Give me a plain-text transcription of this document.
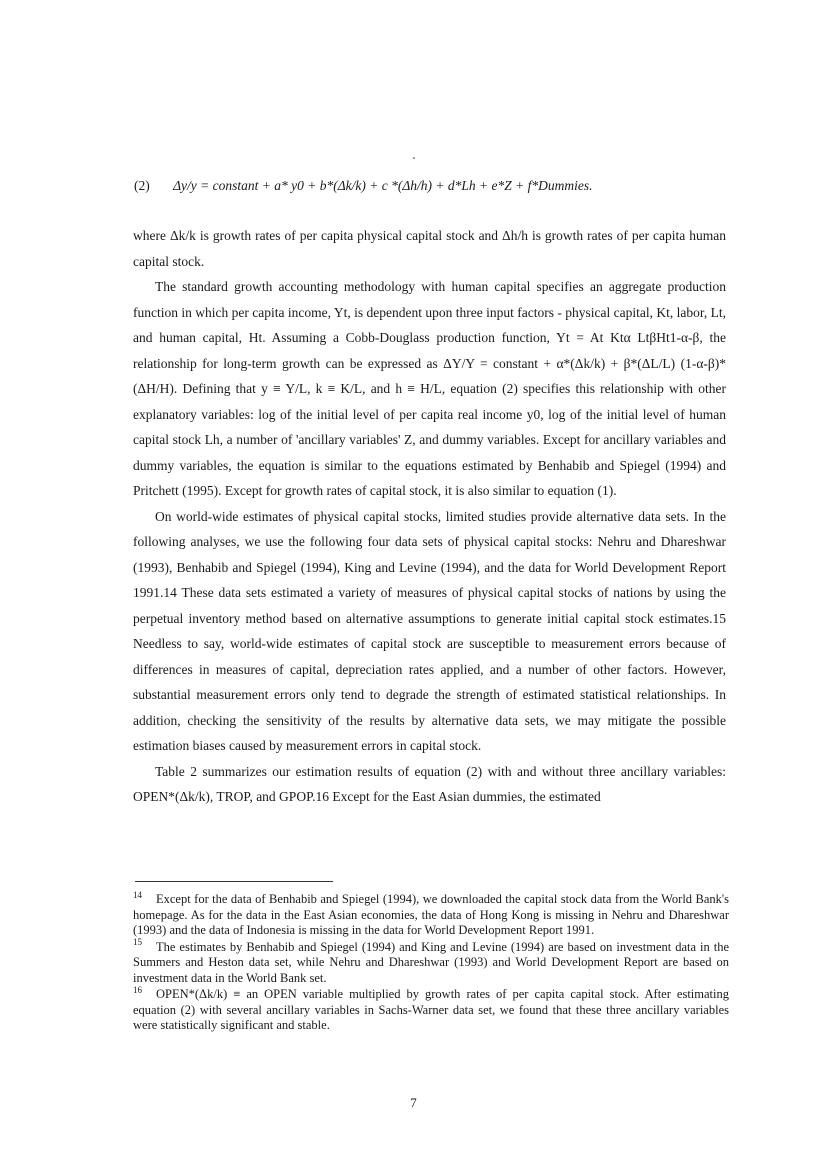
(2) Δy/y = constant + a* y0 + b*(Δk/k) + c *(Δh/h) + d*Lh + e*Z + f*Dummies.

where Δk/k is growth rates of per capita physical capital stock and Δh/h is growth rates of per capita human capital stock.

The standard growth accounting methodology with human capital specifies an aggregate production function in which per capita income, Yt, is dependent upon three input factors - physical capital, Kt, labor, Lt, and human capital, Ht. Assuming a Cobb-Douglass production function, Yt = At Ktα LtβHt1-α-β, the relationship for long-term growth can be expressed as ΔY/Y = constant + α*(Δk/k) + β*(ΔL/L) (1-α-β)*(ΔH/H). Defining that y ≡ Y/L, k ≡ K/L, and h ≡ H/L, equation (2) specifies this relationship with other explanatory variables: log of the initial level of per capita real income y0, log of the initial level of human capital stock Lh, a number of 'ancillary variables' Z, and dummy variables. Except for ancillary variables and dummy variables, the equation is similar to the equations estimated by Benhabib and Spiegel (1994) and Pritchett (1995). Except for growth rates of capital stock, it is also similar to equation (1).

On world-wide estimates of physical capital stocks, limited studies provide alternative data sets. In the following analyses, we use the following four data sets of physical capital stocks: Nehru and Dhareshwar (1993), Benhabib and Spiegel (1994), King and Levine (1994), and the data for World Development Report 1991.14 These data sets estimated a variety of measures of physical capital stocks of nations by using the perpetual inventory method based on alternative assumptions to generate initial capital stock estimates.15 Needless to say, world-wide estimates of capital stock are susceptible to measurement errors because of differences in measures of capital, depreciation rates applied, and a number of other factors. However, substantial measurement errors only tend to degrade the strength of estimated statistical relationships. In addition, checking the sensitivity of the results by alternative data sets, we may mitigate the possible estimation biases caused by measurement errors in capital stock.

Table 2 summarizes our estimation results of equation (2) with and without three ancillary variables: OPEN*(Δk/k), TROP, and GPOP.16 Except for the East Asian dummies, the estimated

$^{14}$ Except for the data of Benhabib and Spiegel (1994), we downloaded the capital stock data from the World Bank's homepage. As for the data in the East Asian economies, the data of Hong Kong is missing in Nehru and Dhareshwar (1993) and the data of Indonesia is missing in the data for World Development Report 1991.

$^{15}$ The estimates by Benhabib and Spiegel (1994) and King and Levine (1994) are based on investment data in the Summers and Heston data set, while Nehru and Dhareshwar (1993) and World Development Report are based on investment data in the World Bank set.

$^{16}$ OPEN*(Δk/k) ≡ an OPEN variable multiplied by growth rates of per capita capital stock. After estimating equation (2) with several ancillary variables in Sachs-Warner data set, we found that these three ancillary variables were statistically significant and stable.

7
